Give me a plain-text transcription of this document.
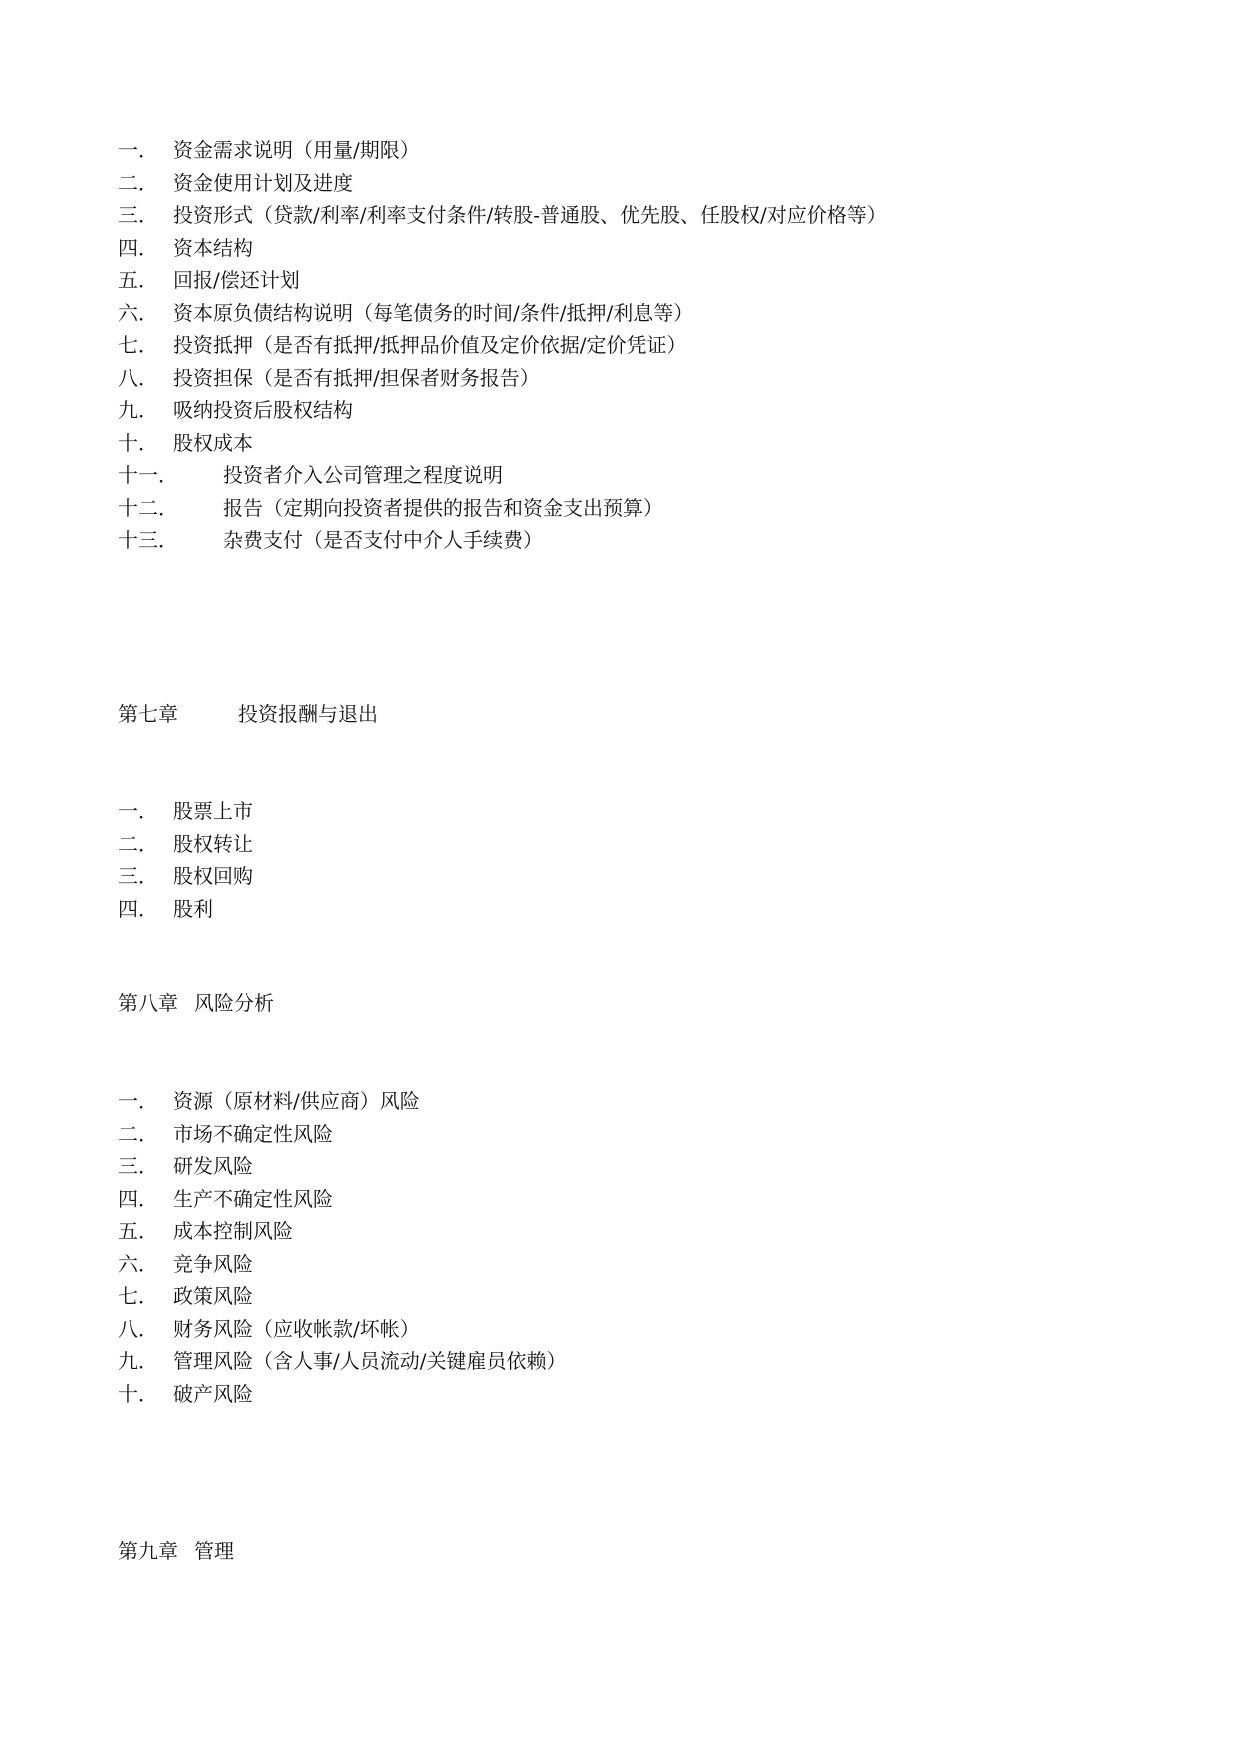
一． 资金需求说明（用量/期限）
二． 资金使用计划及进度
三． 投资形式（贷款/利率/利率支付条件/转股-普通股、优先股、任股权/对应价格等）
四． 资本结构
五． 回报/偿还计划
六． 资本原负债结构说明（每笔债务的时间/条件/抵押/利息等）
七． 投资抵押（是否有抵押/抵押品价值及定价依据/定价凭证）
八． 投资担保（是否有抵押/担保者财务报告）
九． 吸纳投资后股权结构
十． 股权成本
十一． 投资者介入公司管理之程度说明
十二． 报告（定期向投资者提供的报告和资金支出预算）
十三． 杂费支付（是否支付中介人手续费）
第七章	投资报酬与退出
一． 股票上市
二． 股权转让
三． 股权回购
四． 股利
第八章 风险分析
一． 资源（原材料/供应商）风险
二． 市场不确定性风险
三． 研发风险
四． 生产不确定性风险
五． 成本控制风险
六． 竞争风险
七． 政策风险
八． 财务风险（应收帐款/坏帐）
九． 管理风险（含人事/人员流动/关键雇员依赖）
十． 破产风险
第九章 管理
